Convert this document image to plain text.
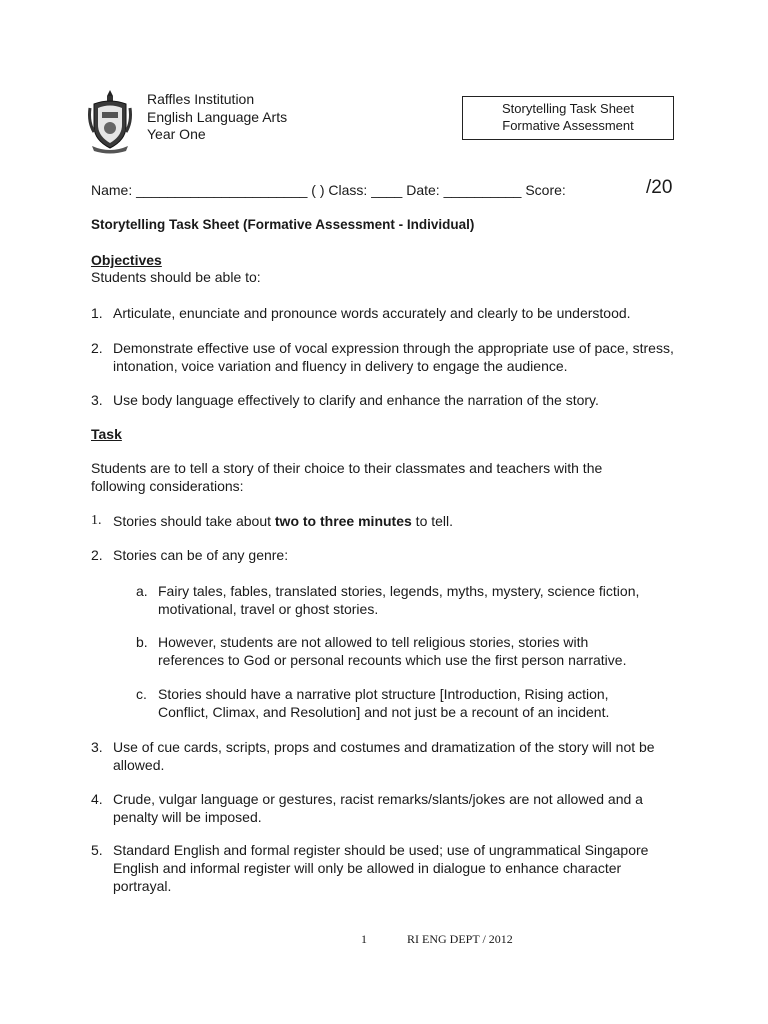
Raffles Institution
English Language Arts
Year One
Storytelling Task Sheet
Formative Assessment
Name: ______________________ ( ) Class: ____ Date: __________ Score:	/20
Storytelling Task Sheet (Formative Assessment - Individual)
Objectives
Students should be able to:
1. Articulate, enunciate and pronounce words accurately and clearly to be understood.
2. Demonstrate effective use of vocal expression through the appropriate use of pace, stress, intonation, voice variation and fluency in delivery to engage the audience.
3. Use body language effectively to clarify and enhance the narration of the story.
Task
Students are to tell a story of their choice to their classmates and teachers with the following considerations:
1. Stories should take about two to three minutes to tell.
2. Stories can be of any genre:
a. Fairy tales, fables, translated stories, legends, myths, mystery, science fiction, motivational, travel or ghost stories.
b. However, students are not allowed to tell religious stories, stories with references to God or personal recounts which use the first person narrative.
c. Stories should have a narrative plot structure [Introduction, Rising action, Conflict, Climax, and Resolution] and not just be a recount of an incident.
3. Use of cue cards, scripts, props and costumes and dramatization of the story will not be allowed.
4. Crude, vulgar language or gestures, racist remarks/slants/jokes are not allowed and a penalty will be imposed.
5. Standard English and formal register should be used; use of ungrammatical Singapore English and informal register will only be allowed in dialogue to enhance character portrayal.
1	RI ENG DEPT / 2012
